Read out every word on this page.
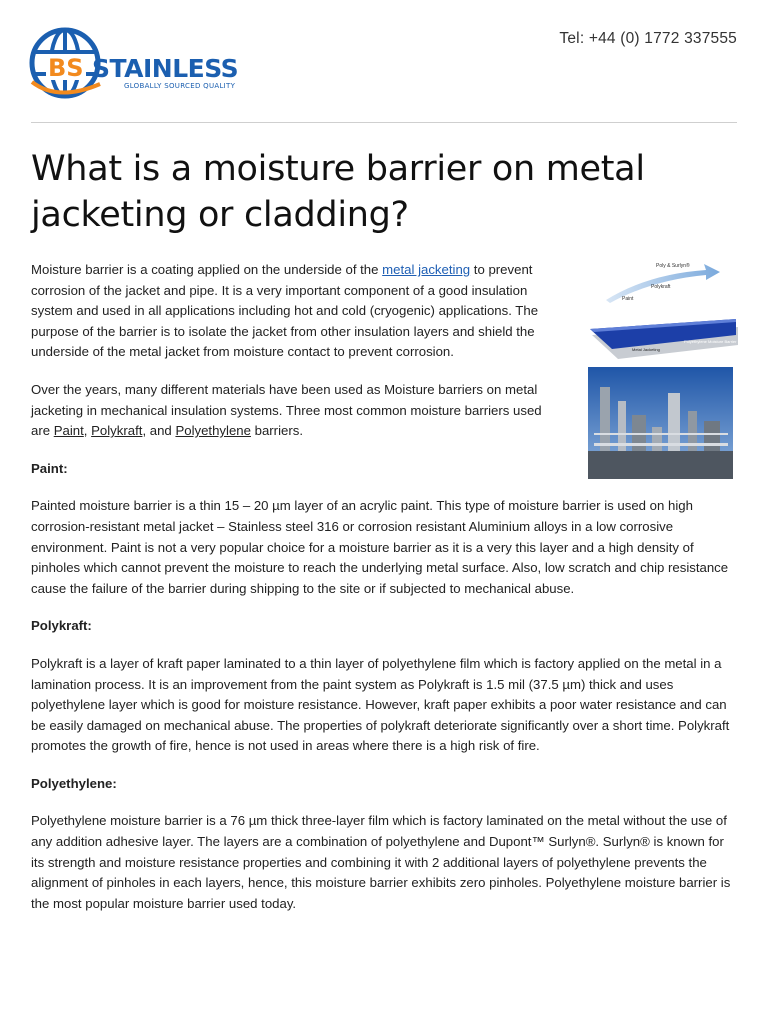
BS STAINLESS
GLOBALLY SOURCED QUALITY
Tel: +44 (0) 1772 337555
What is a moisture barrier on metal jacketing or cladding?
Poly & Surlyn®
Polykraft
Paint
Metal Jacketing
Polyethylene Moisture Barrier

Moisture barrier is a coating applied on the underside of the metal jacketing to prevent corrosion of the jacket and pipe. It is a very important component of a good insulation system and used in all applications including hot and cold (cryogenic) applications. The purpose of the barrier is to isolate the jacket from other insulation layers and shield the underside of the metal jacket from moisture contact to prevent corrosion.

Over the years, many different materials have been used as Moisture barriers on metal jacketing in mechanical insulation systems. Three most common moisture barriers used are Paint, Polykraft, and Polyethylene barriers.

Paint:

Painted moisture barrier is a thin 15 – 20 µm layer of an acrylic paint. This type of moisture barrier is used on high corrosion-resistant metal jacket – Stainless steel 316 or corrosion resistant Aluminium alloys in a low corrosive environment. Paint is not a very popular choice for a moisture barrier as it is a very this layer and a high density of pinholes which cannot prevent the moisture to reach the underlying metal surface. Also, low scratch and chip resistance cause the failure of the barrier during shipping to the site or if subjected to mechanical abuse.

Polykraft:

Polykraft is a layer of kraft paper laminated to a thin layer of polyethylene film which is factory applied on the metal in a lamination process. It is an improvement from the paint system as Polykraft is 1.5 mil (37.5 µm) thick and uses polyethylene layer which is good for moisture resistance. However, kraft paper exhibits a poor water resistance and can be easily damaged on mechanical abuse. The properties of polykraft deteriorate significantly over a short time. Polykraft promotes the growth of fire, hence is not used in areas where there is a high risk of fire.

Polyethylene:

Polyethylene moisture barrier is a 76 µm thick three-layer film which is factory laminated on the metal without the use of any addition adhesive layer. The layers are a combination of polyethylene and Dupont™ Surlyn®. Surlyn® is known for its strength and moisture resistance properties and combining it with 2 additional layers of polyethylene prevents the alignment of pinholes in each layers, hence, this moisture barrier exhibits zero pinholes. Polyethylene moisture barrier is the most popular moisture barrier used today.
